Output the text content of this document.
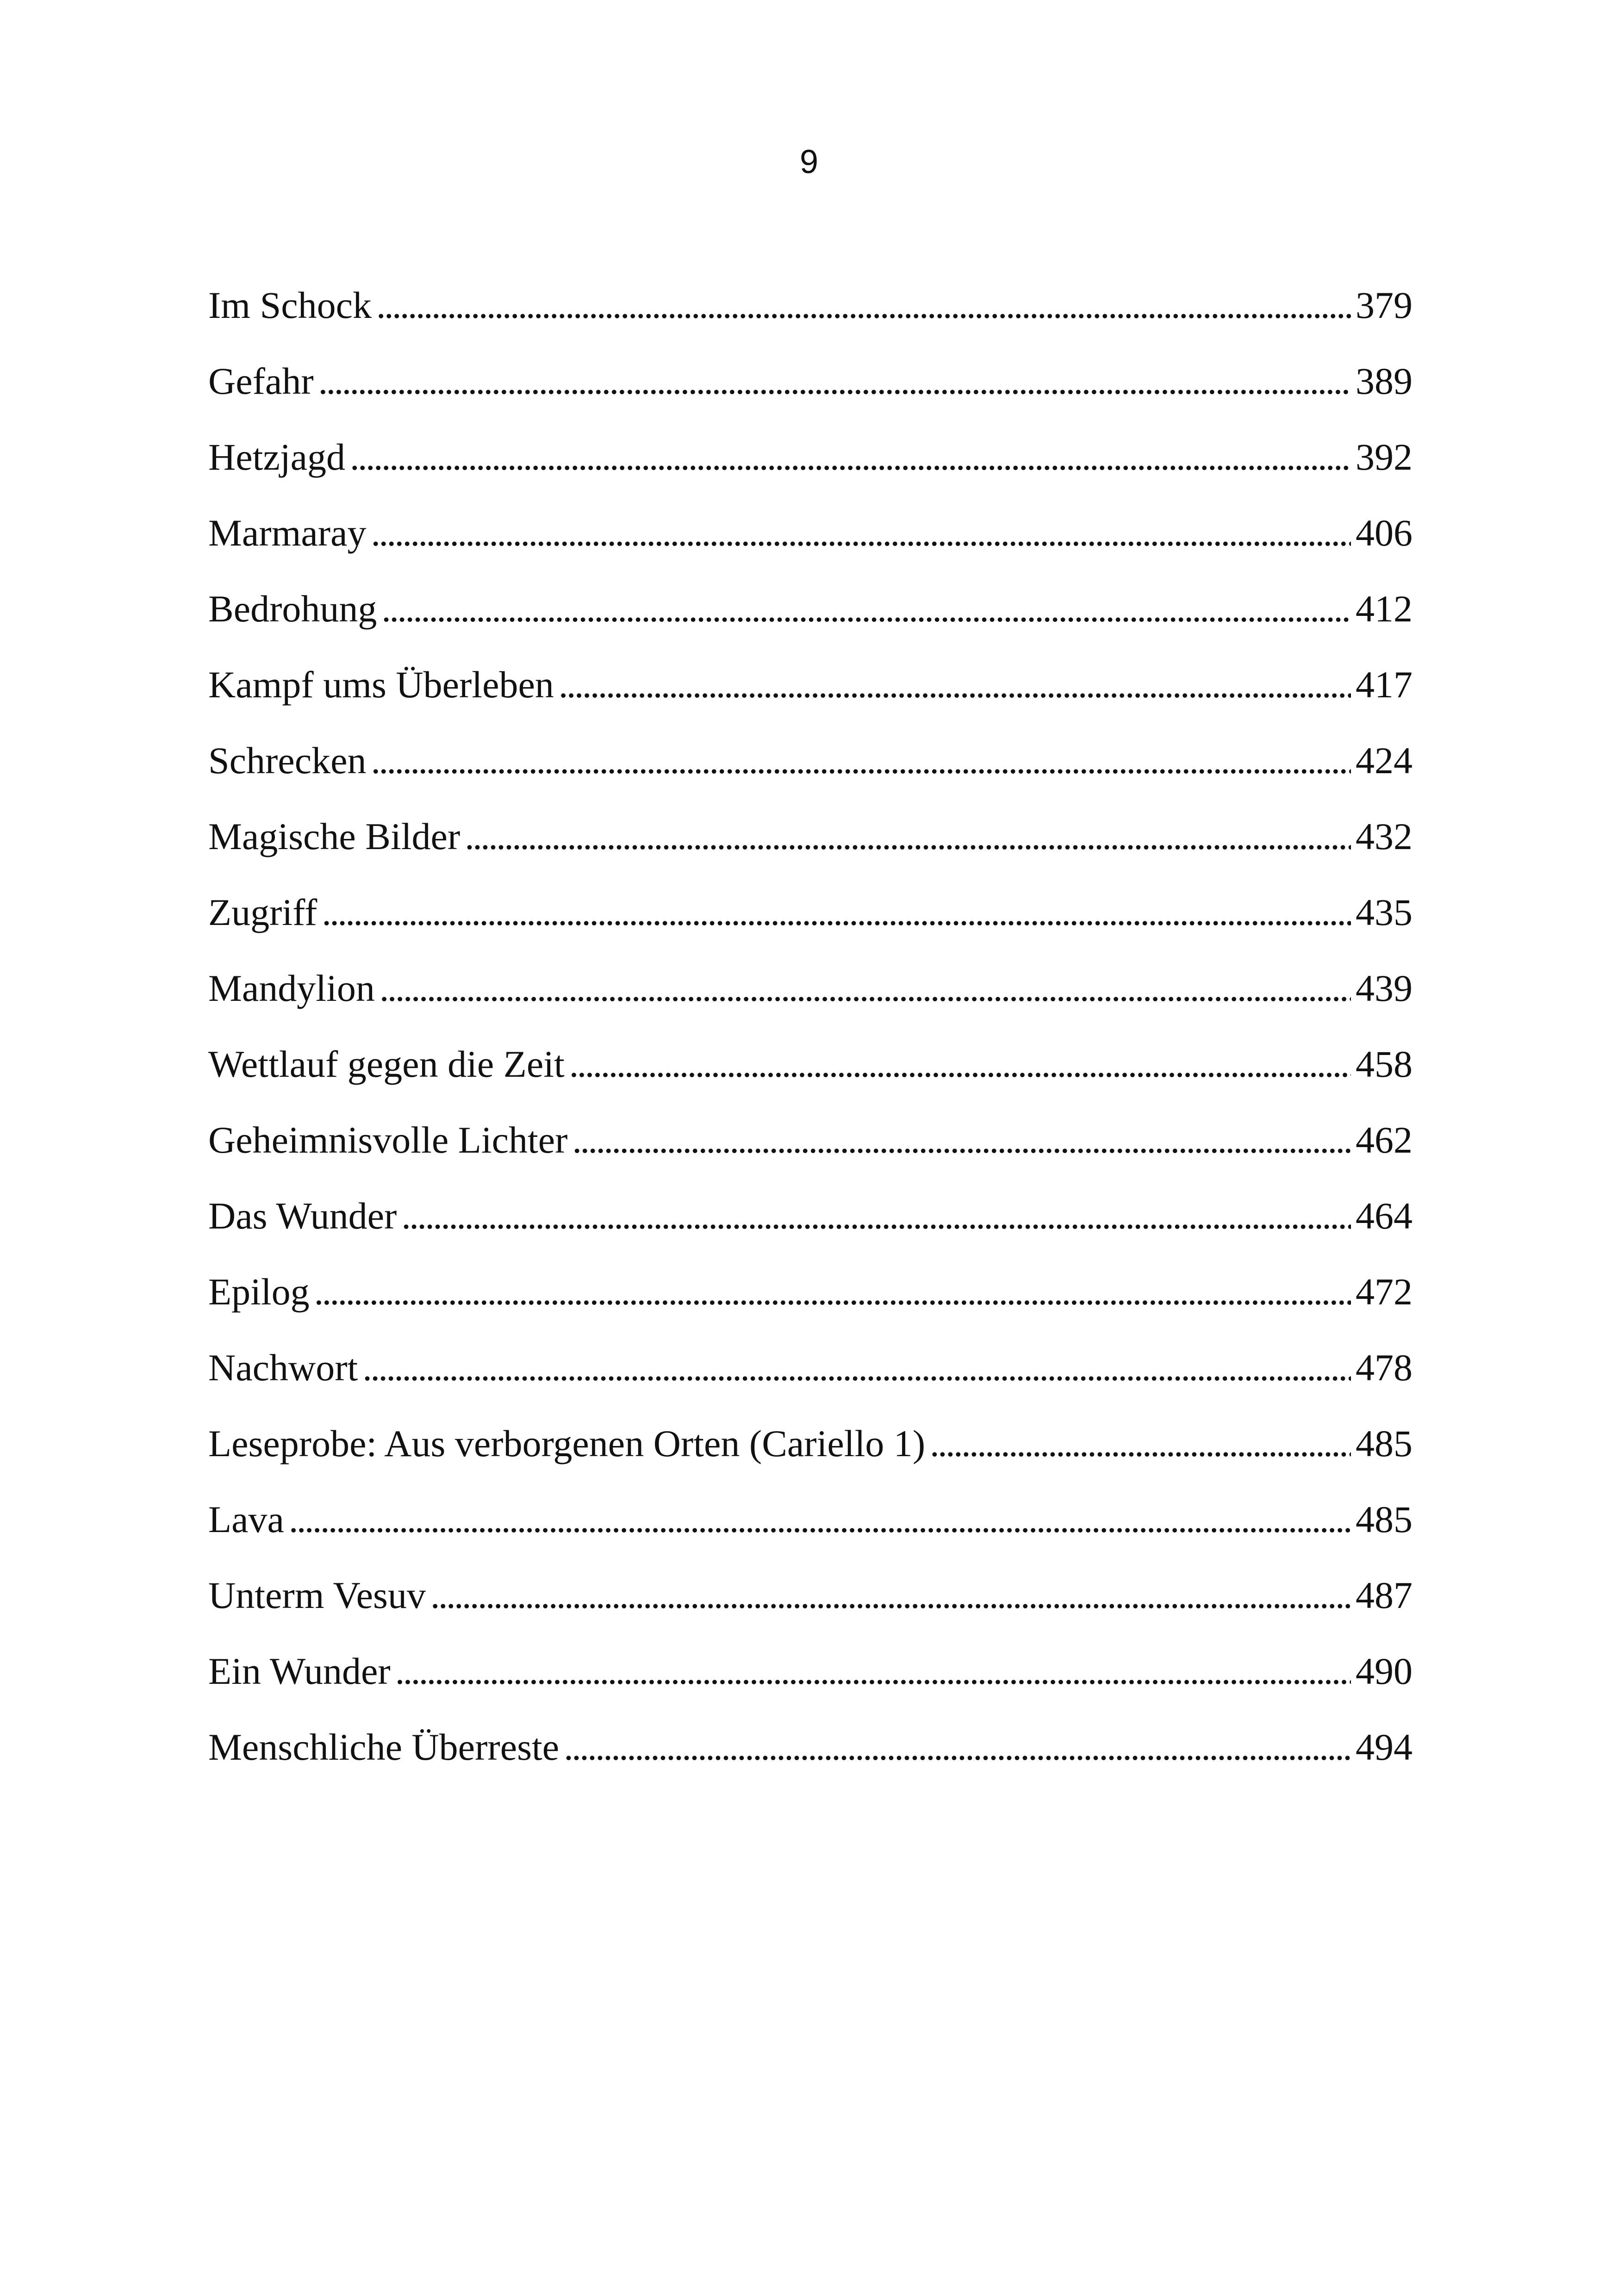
9
Im Schock . . .	379
Gefahr . . .	389
Hetzjagd . . .	392
Marmaray . . .	406
Bedrohung . . .	412
Kampf ums Überleben . . .	417
Schrecken . . .	424
Magische Bilder . . .	432
Zugriff . . .	435
Mandylion . . .	439
Wettlauf gegen die Zeit . . .	458
Geheimnisvolle Lichter . . .	462
Das Wunder . . .	464
Epilog . . .	472
Nachwort . . .	478
Leseprobe: Aus verborgenen Orten (Cariello 1) . . .	485
Lava . . .	485
Unterm Vesuv . . .	487
Ein Wunder . . .	490
Menschliche Überreste . . .	494
